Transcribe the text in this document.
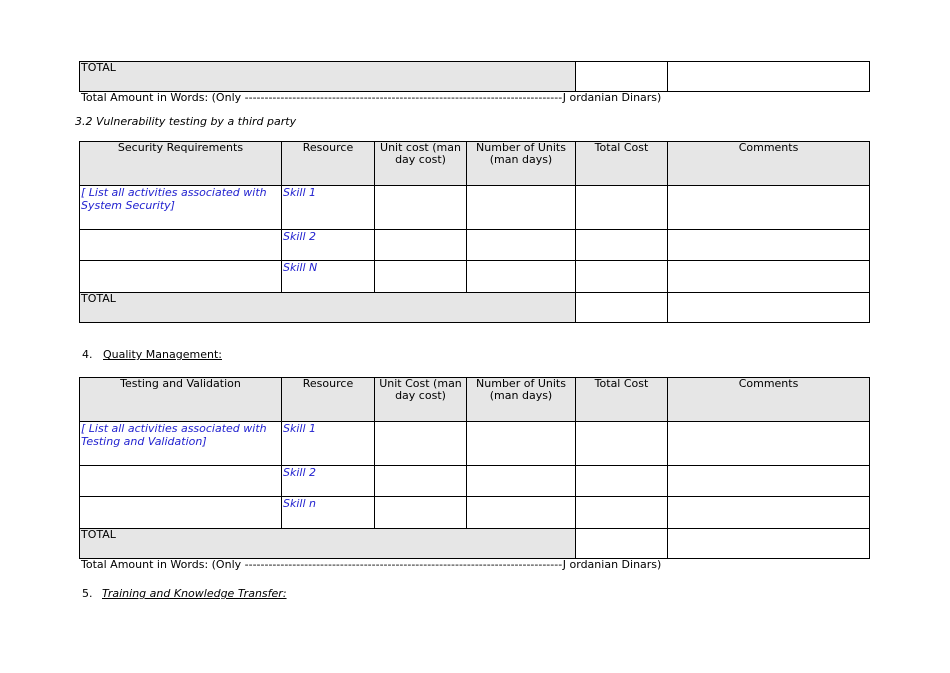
TOTAL		
Total Amount in Words: (Only --------------------------------------------------------------------------------J ordanian Dinars)
3.2 Vulnerability testing by a third party
Security Requirements	Resource	Unit cost (man day cost)	Number of Units (man days)	Total Cost	Comments
[ List all activities associated with System Security]	Skill 1				
	Skill 2				
	Skill N				
TOTAL					
4. Quality Management:
Testing and Validation	Resource	Unit Cost (man day cost)	Number of Units (man days)	Total Cost	Comments
[ List all activities associated with Testing and Validation]	Skill 1				
	Skill 2				
	Skill n				
TOTAL					
Total Amount in Words: (Only --------------------------------------------------------------------------------J ordanian Dinars)
5. Training and Knowledge Transfer:
